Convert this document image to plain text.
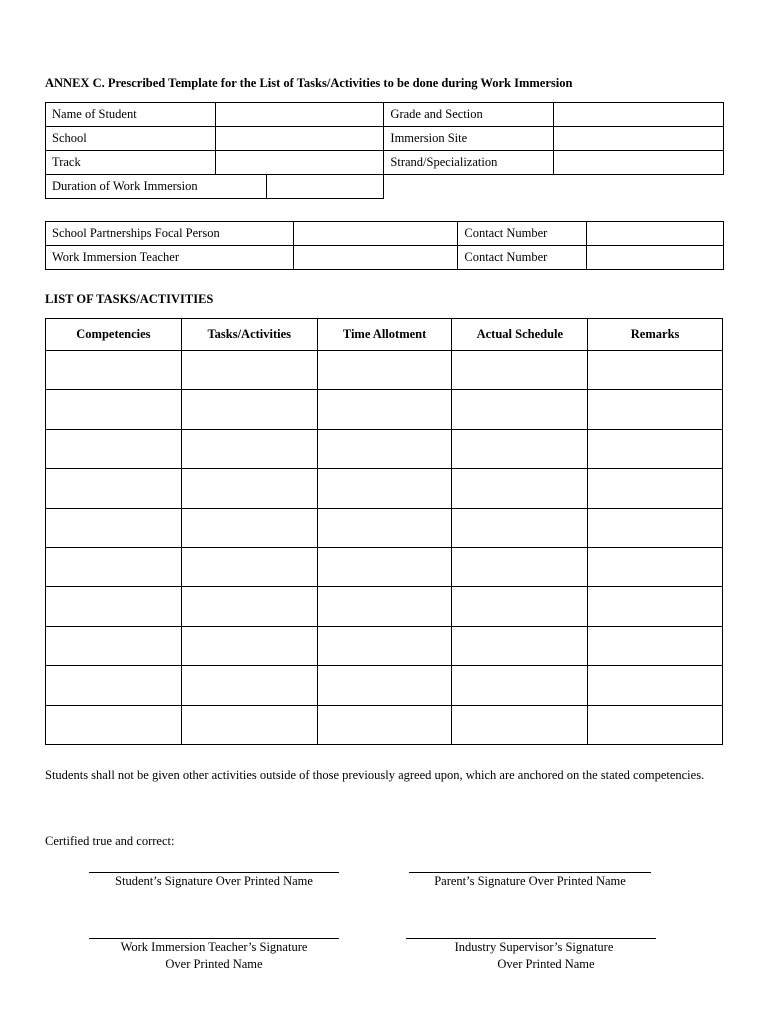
ANNEX C. Prescribed Template for the List of Tasks/Activities to be done during Work Immersion
Name of Student			Grade and Section	
School			Immersion Site	
Track			Strand/Specialization	
Duration of Work Immersion				
School Partnerships Focal Person		Contact Number	
Work Immersion Teacher		Contact Number	
LIST OF TASKS/ACTIVITIES
Competencies	Tasks/Activities	Time Allotment	Actual Schedule	Remarks

Students shall not be given other activities outside of those previously agreed upon, which are anchored on the stated competencies.
Certified true and correct:
Student’s Signature Over Printed Name	Parent’s Signature Over Printed Name
Work Immersion Teacher’s Signature
Over Printed Name
Industry Supervisor’s Signature
Over Printed Name
